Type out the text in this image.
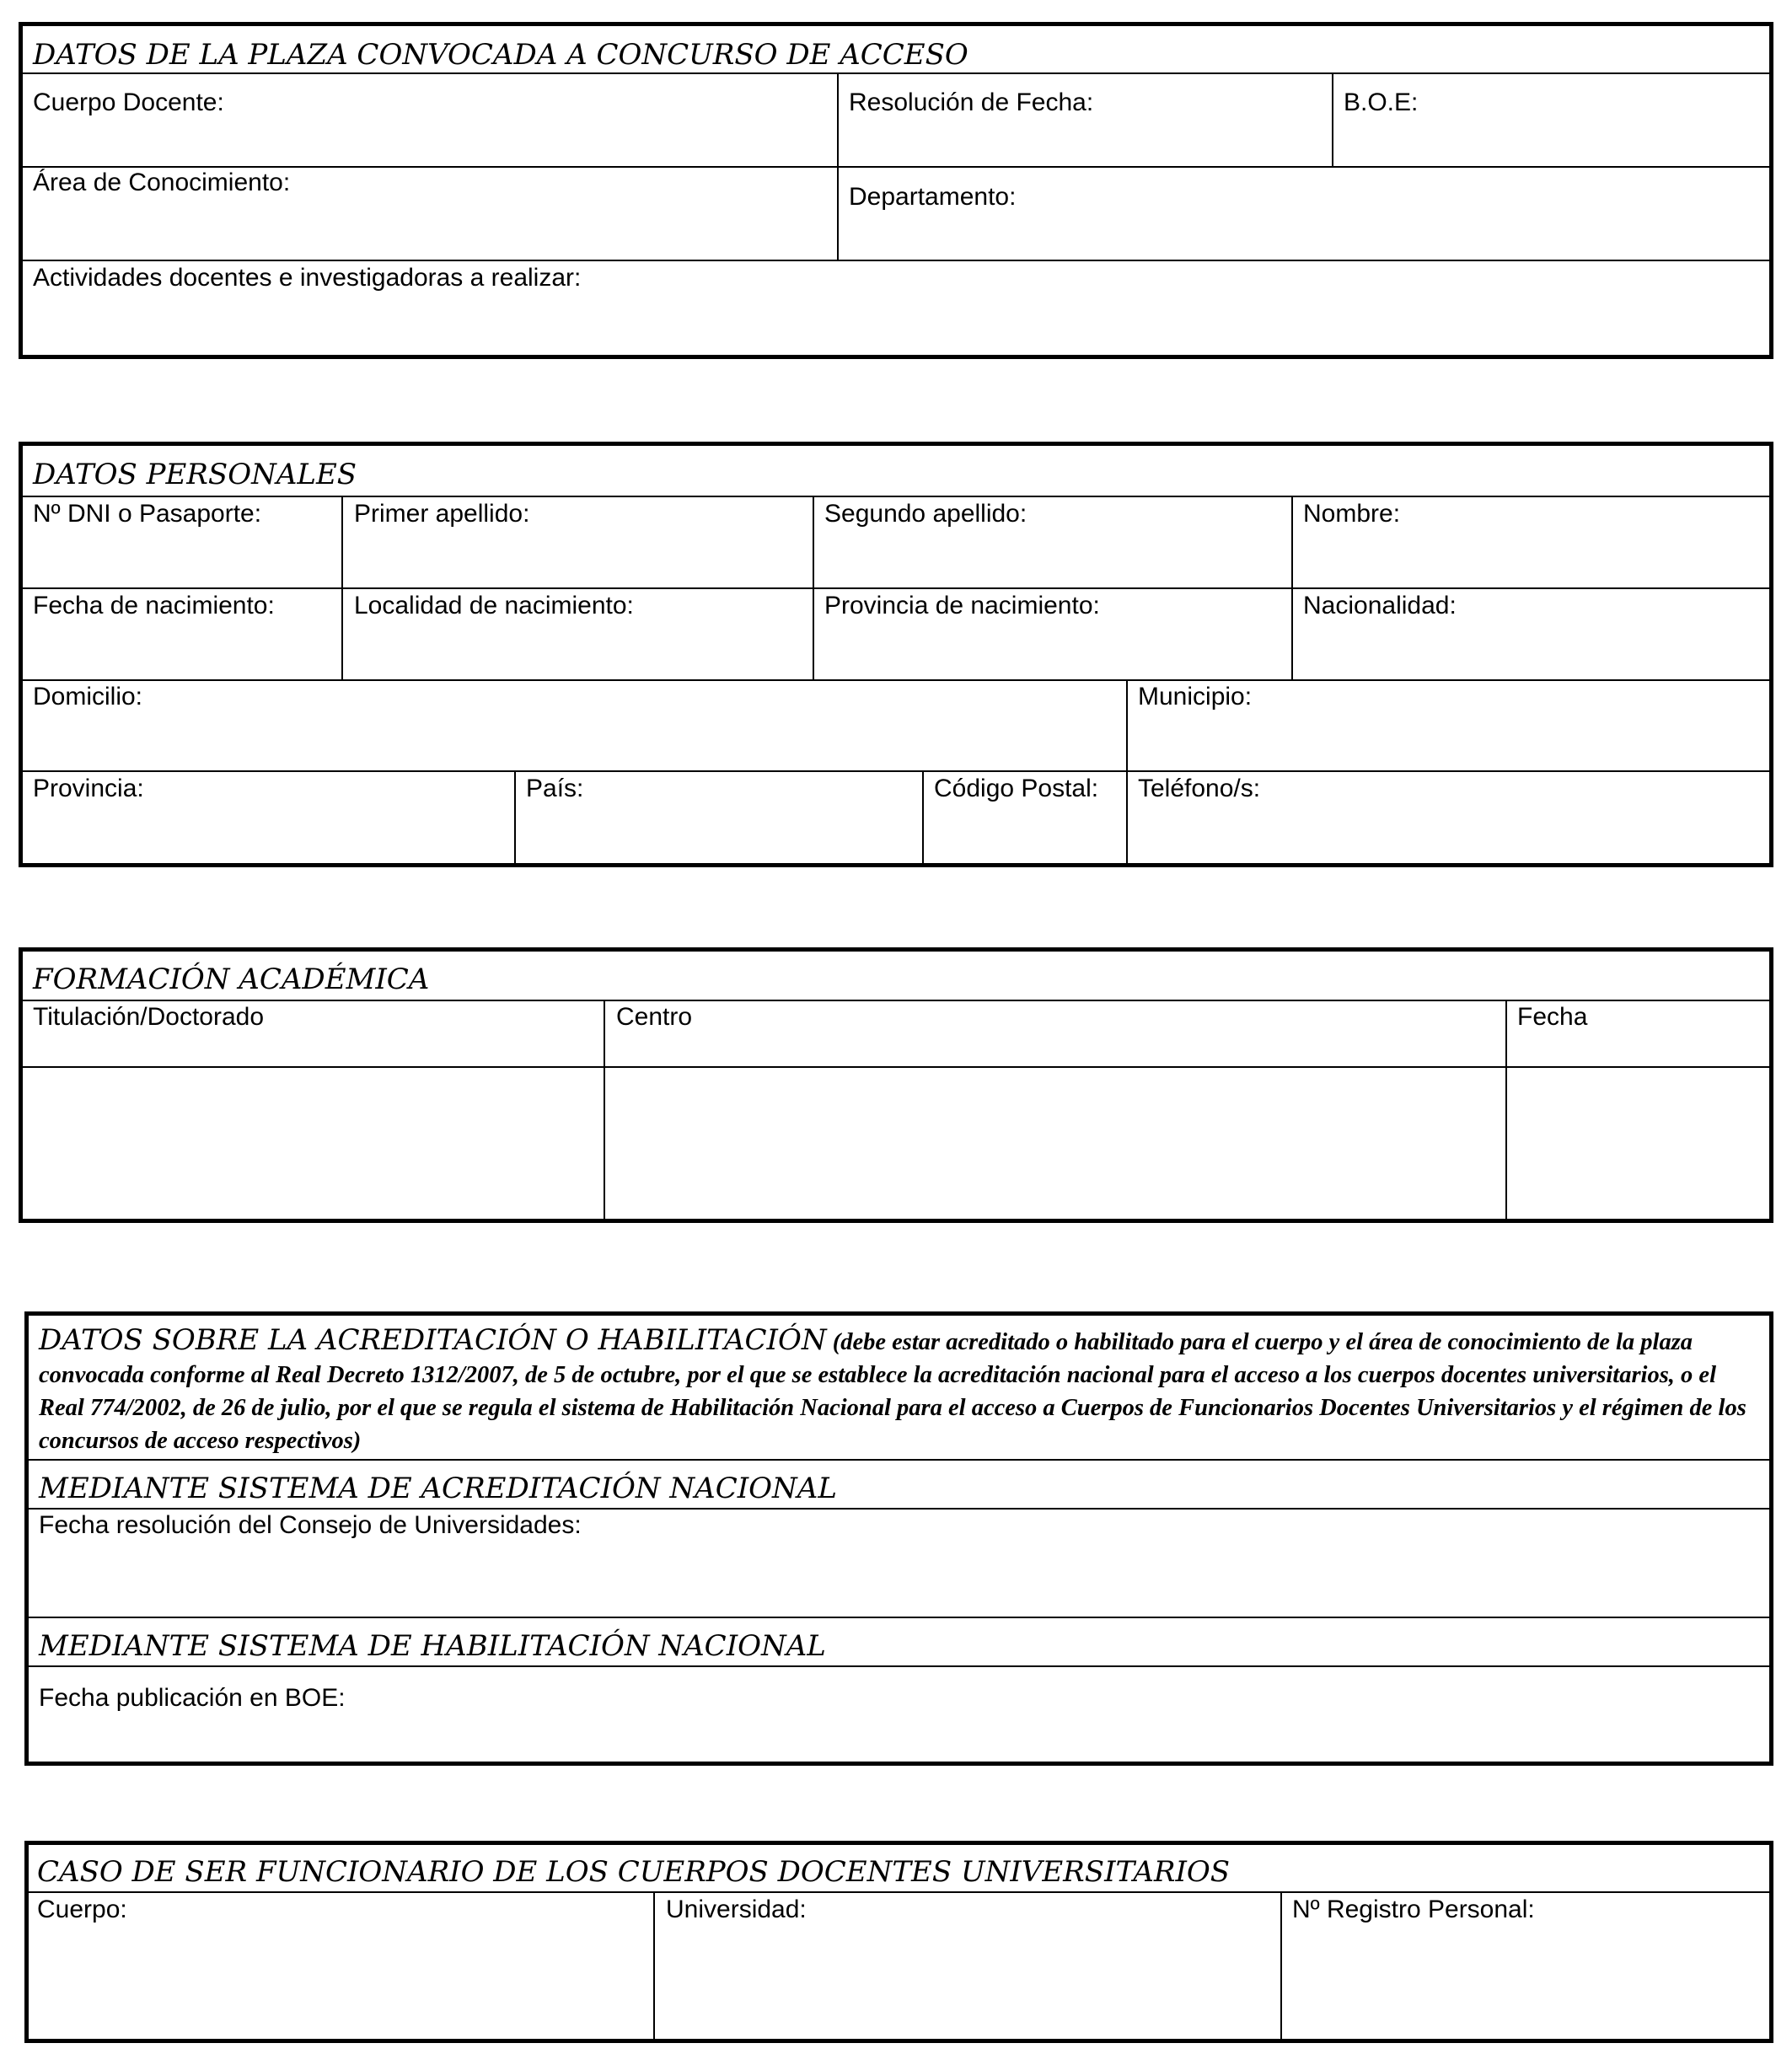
DATOS DE LA PLAZA CONVOCADA A CONCURSO DE ACCESO
Cuerpo Docente:	Resolución de Fecha:	B.O.E:
Área de Conocimiento:
Departamento:
Actividades docentes e investigadoras a realizar:
DATOS PERSONALES
Nº DNI o Pasaporte:	Primer apellido:	Segundo apellido:	Nombre:
Fecha de nacimiento:	Localidad de nacimiento:	Provincia de nacimiento:	Nacionalidad:
Domicilio:	Municipio:
Provincia:	País:	Código Postal: Teléfono/s:
FORMACIÓN ACADÉMICA
Titulación/Doctorado	Centro	Fecha
DATOS SOBRE LA ACREDITACIÓN O HABILITACIÓN (debe estar acreditado o habilitado para el cuerpo y el área de conocimiento de la plaza convocada conforme al Real Decreto 1312/2007, de 5 de octubre, por el que se establece la acreditación nacional para el acceso a los cuerpos docentes universitarios, o el Real 774/2002, de 26 de julio, por el que se regula el sistema de Habilitación Nacional para el acceso a Cuerpos de Funcionarios Docentes Universitarios y el régimen de los concursos de acceso respectivos)
MEDIANTE SISTEMA DE ACREDITACIÓN NACIONAL
Fecha resolución del Consejo de Universidades:
MEDIANTE SISTEMA DE HABILITACIÓN NACIONAL
Fecha publicación en BOE:
CASO DE SER FUNCIONARIO DE LOS CUERPOS DOCENTES UNIVERSITARIOS
Cuerpo:	Universidad:	Nº Registro Personal:
